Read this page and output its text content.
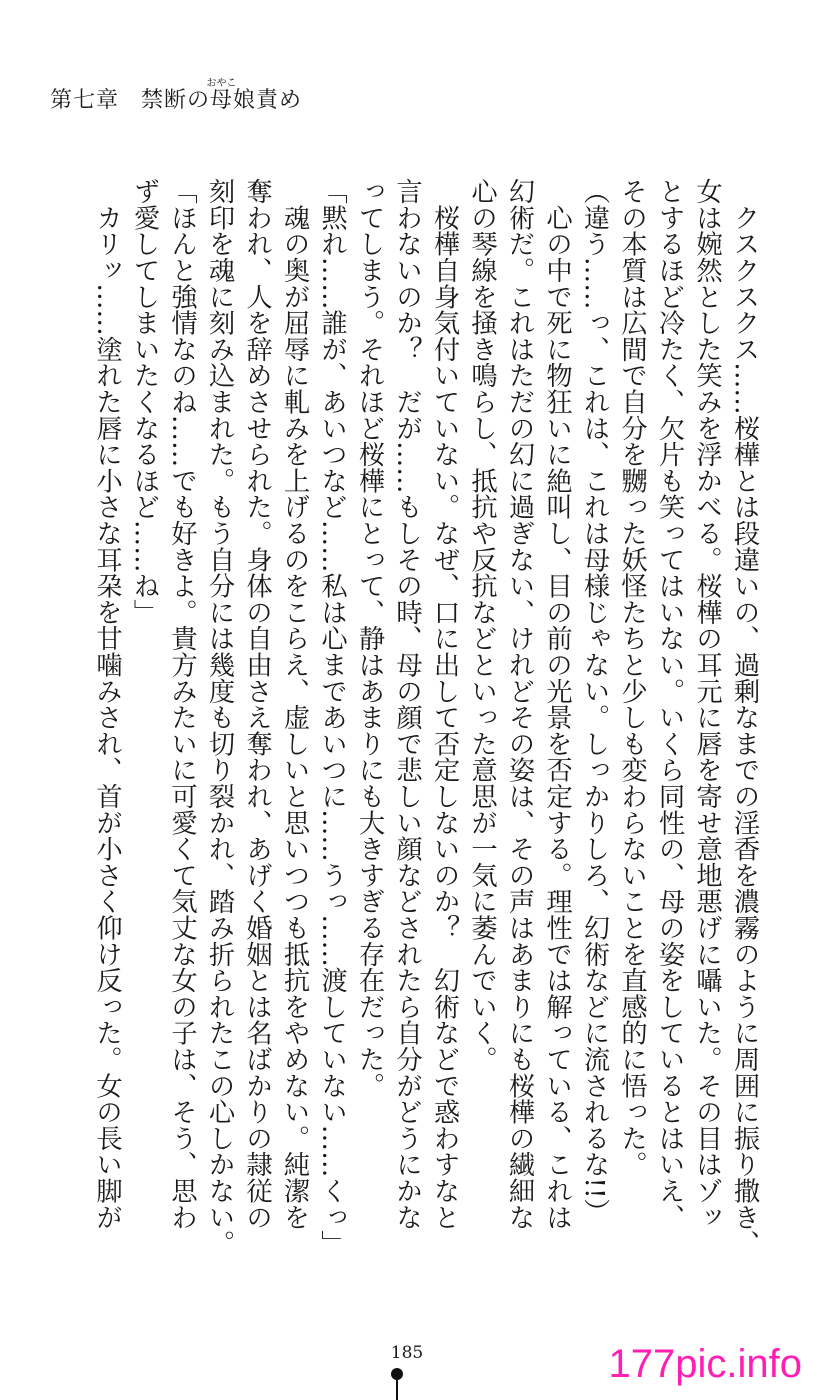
第七章 禁断の母おやこ娘責め

　クスクスクス……桜樺とは段違いの、過剰なまでの淫香を濃霧のように周囲に振り撒き、

女は婉然とした笑みを浮かべる。桜樺の耳元に唇を寄せ意地悪げに囁いた。その目はゾッ

とするほど冷たく、欠片も笑ってはいない。いくら同性の、母の姿をしているとはいえ、

その本質は広間で自分を嬲った妖怪たちと少しも変わらないことを直感的に悟った。

（違う……っ、これは、これは母様じゃない。しっかりしろ、幻術などに流されるな!!）

　心の中で死に物狂いに絶叫し、目の前の光景を否定する。理性では解っている、これは

幻術だ。これはただの幻に過ぎない、けれどその姿は、その声はあまりにも桜樺の繊細な

心の琴線を掻き鳴らし、抵抗や反抗などといった意思が一気に萎んでいく。

　桜樺自身気付いていない。なぜ、口に出して否定しないのか？　幻術などで惑わすなと

言わないのか？　だが……もしその時、母の顔で悲しい顔などされたら自分がどうにかな

ってしまう。それほど桜樺にとって、静はあまりにも大きすぎる存在だった。

「黙れ……誰が、あいつなど……私は心まであいつに……うっ……渡していない……くっ」

　魂の奥が屈辱に軋みを上げるのをこらえ、虚しいと思いつつも抵抗をやめない。純潔を

奪われ、人を辞めさせられた。身体の自由さえ奪われ、あげく婚姻とは名ばかりの隷従の

刻印を魂に刻み込まれた。もう自分には幾度も切り裂かれ、踏み折られたこの心しかない。

「ほんと強情なのね……でも好きよ。貴方みたいに可愛くて気丈な女の子は、そう、思わ

ず愛してしまいたくなるほど……ね」

　カリッ……塗れた唇に小さな耳朶を甘噛みされ、首が小さく仰け反った。女の長い脚が

185	177pic.info
